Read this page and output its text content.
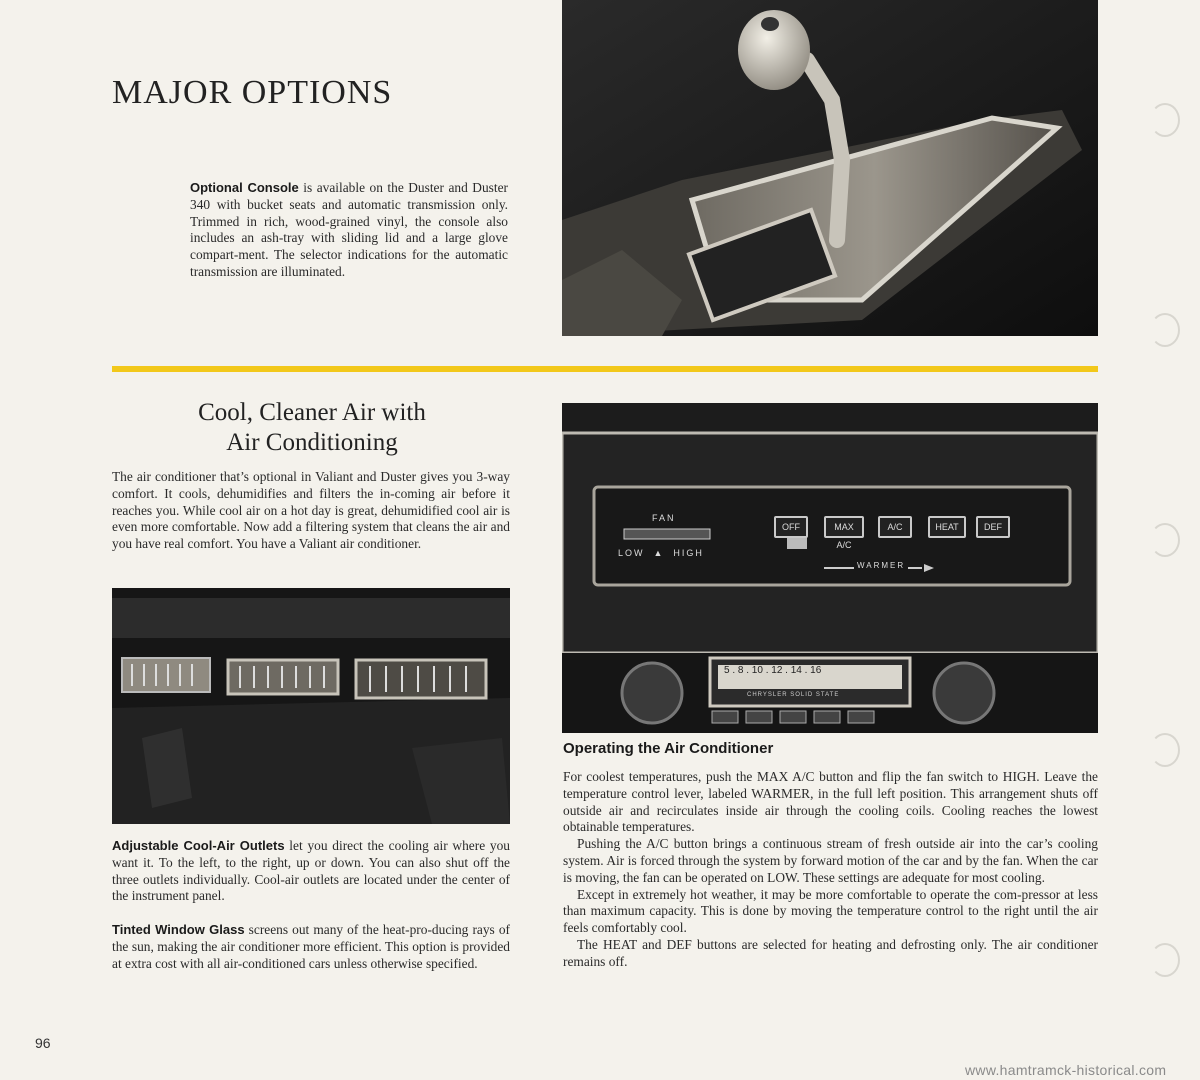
MAJOR OPTIONS
Optional Console is available on the Duster and Duster 340 with bucket seats and automatic transmission only. Trimmed in rich, wood-grained vinyl, the console also includes an ash-tray with sliding lid and a large glove compart-ment. The selector indications for the automatic transmission are illuminated.
Cool, Cleaner Air with
Air Conditioning
The air conditioner that’s optional in Valiant and Duster gives you 3-way comfort. It cools, dehumidifies and filters the in-coming air before it reaches you. While cool air on a hot day is great, dehumidified cool air is even more comfortable. Now add a filtering system that cleans the air and you have real comfort. You have a Valiant air conditioner.
Adjustable Cool-Air Outlets let you direct the cooling air where you want it. To the left, to the right, up or down. You can also shut off the three outlets individually. Cool-air outlets are located under the center of the instrument panel.
Tinted Window Glass screens out many of the heat-pro-ducing rays of the sun, making the air conditioner more efficient. This option is provided at extra cost with all air-conditioned cars unless otherwise specified.
FAN
LOW  ▲  HIGH
OFF	MAX A/C
A/C	HEAT	DEF
WARMER
5 . 8 . 10 . 12 . 14 . 16
CHRYSLER SOLID STATE
Operating the Air Conditioner

For coolest temperatures, push the MAX A/C button and flip the fan switch to HIGH. Leave the temperature control lever, labeled WARMER, in the full left position. This arrangement shuts off outside air and recirculates inside air through the cooling coils. Cooling reaches the lowest obtainable temperatures.

Pushing the A/C button brings a continuous stream of fresh outside air into the car’s cooling system. Air is forced through the system by forward motion of the car and by the fan. When the car is moving, the fan can be operated on LOW. These settings are adequate for most cooling.

Except in extremely hot weather, it may be more comfortable to operate the com-pressor at less than maximum capacity. This is done by moving the temperature control to the right until the air feels comfortably cool.

The HEAT and DEF buttons are selected for heating and defrosting only. The air conditioner remains off.

96
www.hamtramck-historical.com
